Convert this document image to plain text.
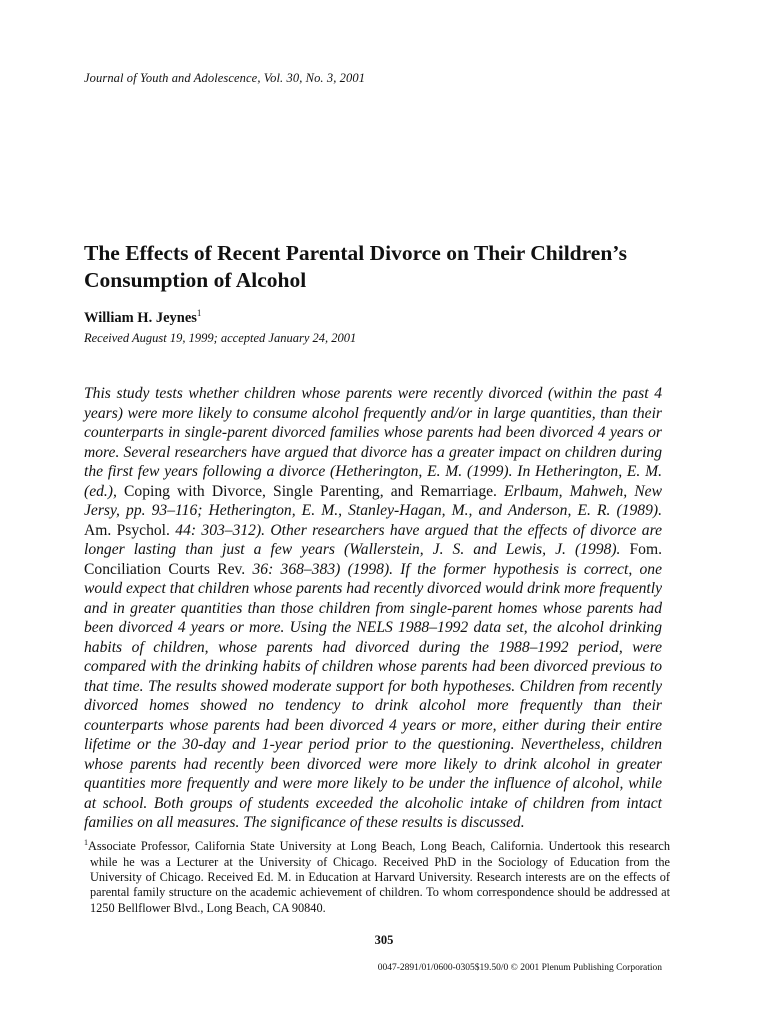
Journal of Youth and Adolescence, Vol. 30, No. 3, 2001
The Effects of Recent Parental Divorce on Their Children’s Consumption of Alcohol
William H. Jeynes$^1$
Received August 19, 1999; accepted January 24, 2001
This study tests whether children whose parents were recently divorced (within the past 4 years) were more likely to consume alcohol frequently and/or in large quantities, than their counterparts in single-parent divorced families whose parents had been divorced 4 years or more. Several researchers have argued that divorce has a greater impact on children during the first few years following a divorce (Hetherington, E. M. (1999). In Hetherington, E. M. (ed.), Coping with Divorce, Single Parenting, and Remarriage. Erlbaum, Mahweh, New Jersy, pp. 93–116; Hetherington, E. M., Stanley-Hagan, M., and Anderson, E. R. (1989). Am. Psychol. 44: 303–312). Other researchers have argued that the effects of divorce are longer lasting than just a few years (Wallerstein, J. S. and Lewis, J. (1998). Fom. Conciliation Courts Rev. 36: 368–383) (1998). If the former hypothesis is correct, one would expect that children whose parents had recently divorced would drink more frequently and in greater quantities than those children from single-parent homes whose parents had been divorced 4 years or more. Using the NELS 1988–1992 data set, the alcohol drinking habits of children, whose parents had divorced during the 1988–1992 period, were compared with the drinking habits of children whose parents had been divorced previous to that time. The results showed moderate support for both hypotheses. Children from recently divorced homes showed no tendency to drink alcohol more frequently than their counterparts whose parents had been divorced 4 years or more, either during their entire lifetime or the 30-day and 1-year period prior to the questioning. Nevertheless, children whose parents had recently been divorced were more likely to drink alcohol in greater quantities more frequently and were more likely to be under the influence of alcohol, while at school. Both groups of students exceeded the alcoholic intake of children from intact families on all measures. The significance of these results is discussed.
$^1$Associate Professor, California State University at Long Beach, Long Beach, California. Undertook this research while he was a Lecturer at the University of Chicago. Received PhD in the Sociology of Education from the University of Chicago. Received Ed. M. in Education at Harvard University. Research interests are on the effects of parental family structure on the academic achievement of children. To whom correspondence should be addressed at 1250 Bellflower Blvd., Long Beach, CA 90840.
305
0047-2891/01/0600-0305$19.50/0 © 2001 Plenum Publishing Corporation
